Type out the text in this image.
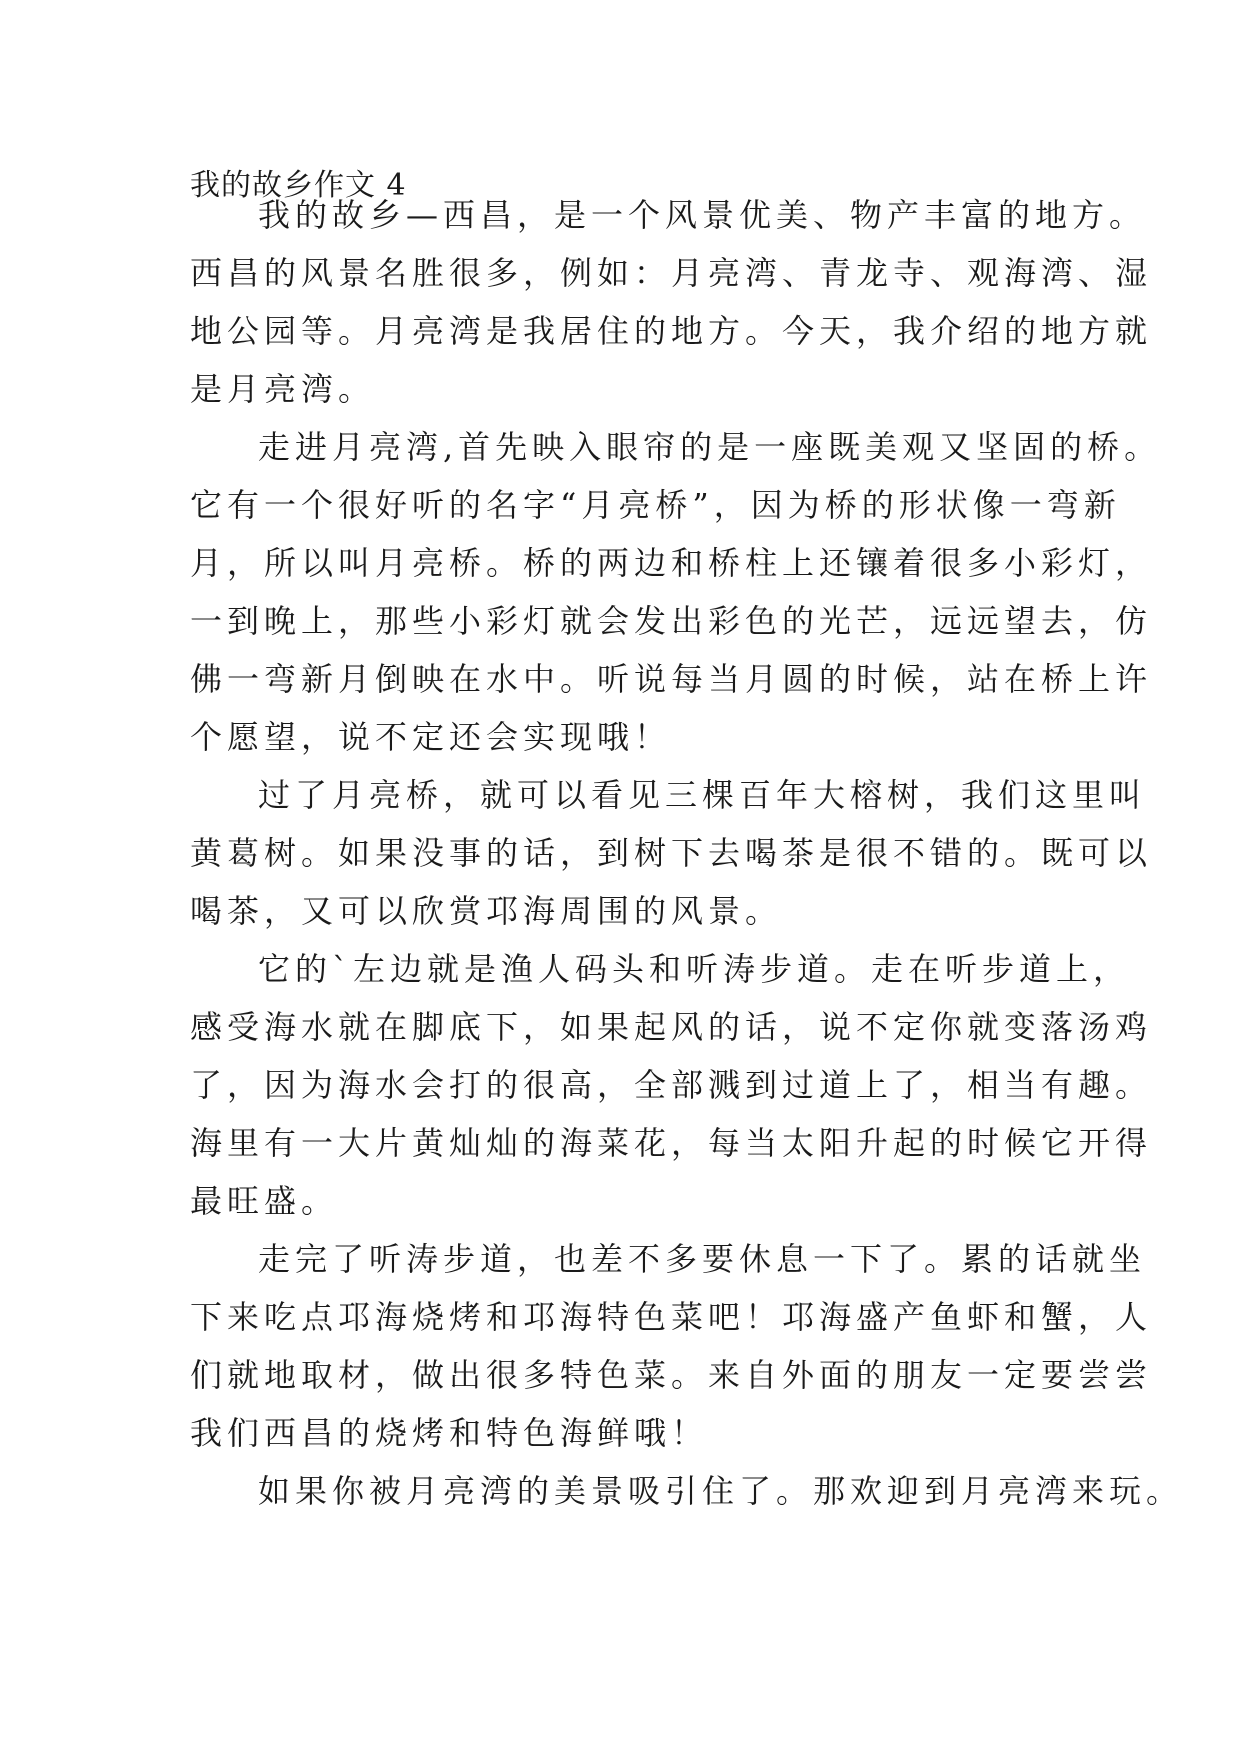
我的故乡作文 4
我的故乡—西昌，是一个风景优美、物产丰富的地方。
西昌的风景名胜很多，例如：月亮湾、青龙寺、观海湾、湿
地公园等。月亮湾是我居住的地方。今天，我介绍的地方就
是月亮湾。
走进月亮湾,首先映入眼帘的是一座既美观又坚固的桥。
它有一个很好听的名字“月亮桥”，因为桥的形状像一弯新
月，所以叫月亮桥。桥的两边和桥柱上还镶着很多小彩灯，
一到晚上，那些小彩灯就会发出彩色的光芒，远远望去，仿
佛一弯新月倒映在水中。听说每当月圆的时候，站在桥上许
个愿望，说不定还会实现哦！
过了月亮桥，就可以看见三棵百年大榕树，我们这里叫
黄葛树。如果没事的话，到树下去喝茶是很不错的。既可以
喝茶，又可以欣赏邛海周围的风景。
它的`左边就是渔人码头和听涛步道。走在听步道上，
感受海水就在脚底下，如果起风的话，说不定你就变落汤鸡
了，因为海水会打的很高，全部溅到过道上了，相当有趣。
海里有一大片黄灿灿的海菜花，每当太阳升起的时候它开得
最旺盛。
走完了听涛步道，也差不多要休息一下了。累的话就坐
下来吃点邛海烧烤和邛海特色菜吧！邛海盛产鱼虾和蟹，人
们就地取材，做出很多特色菜。来自外面的朋友一定要尝尝
我们西昌的烧烤和特色海鲜哦！
如果你被月亮湾的美景吸引住了。那欢迎到月亮湾来玩。
